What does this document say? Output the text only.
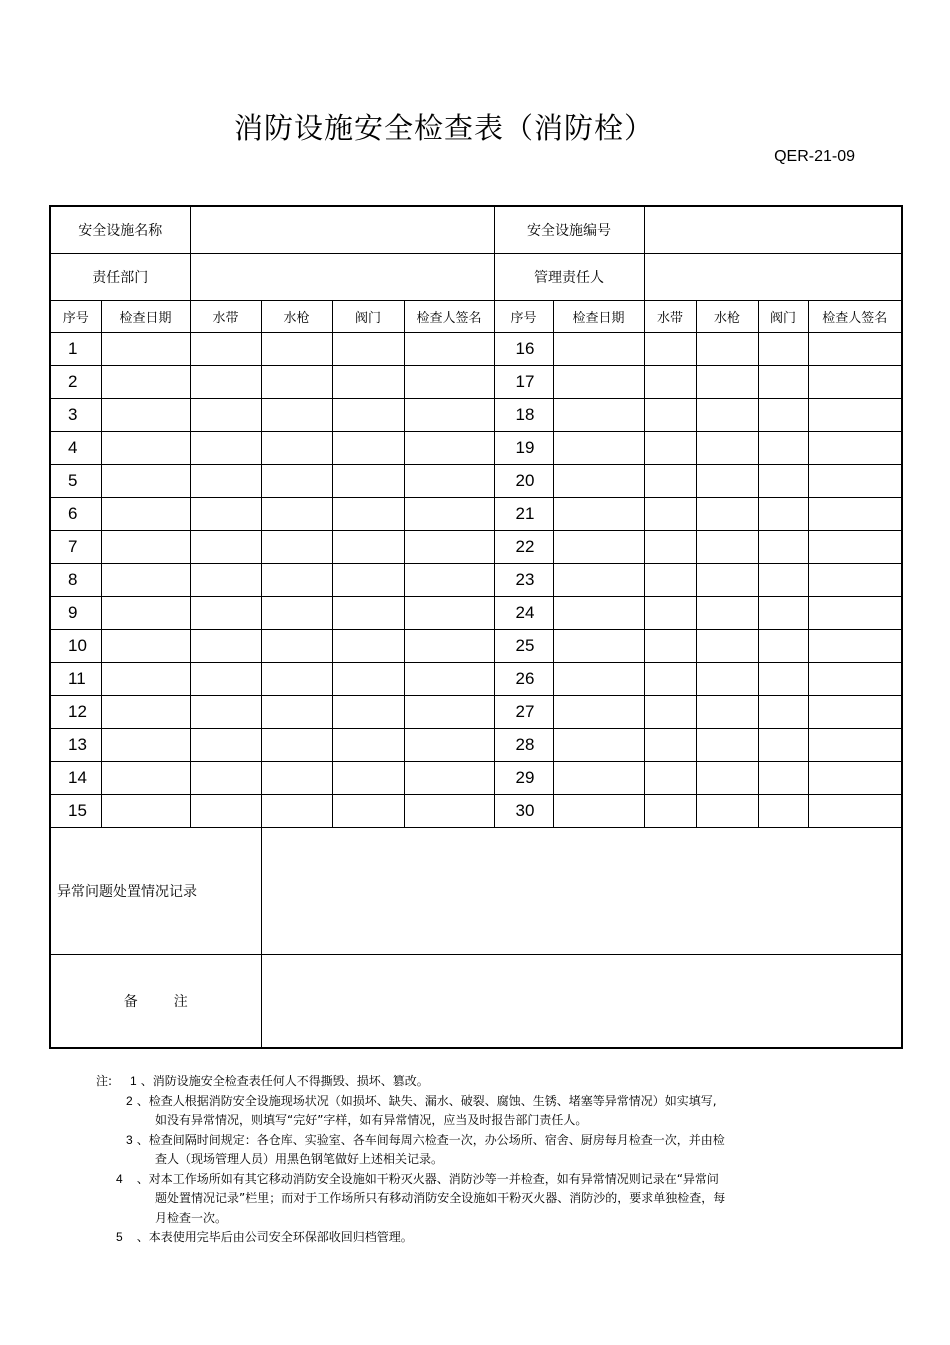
消防设施安全检查表（消防栓）
QER-21-09
安全设施名称						安全设施编号					
责任部门						管理责任人					
序号	检查日期	水带	水枪	阀门	检查人签名	序号	检查日期	水带	水枪	阀门	检查人签名
1						16					
2						17					
3						18					
4						19					
5						20					
6						21					
7						22					
8						23					
9						24					
10						25					
11						26					
12						27					
13						28					
14						29					
15						30					
异常问题处置情况记录											
备 注											
注: 1 、消防设施安全检查表任何人不得撕毁、损坏、篡改。
2 、检查人根据消防安全设施现场状况（如损坏、缺失、漏水、破裂、腐蚀、生锈、堵塞等异常情况）如实填写,
如没有异常情况，则填写“完好”字样，如有异常情况，应当及时报告部门责任人。
3 、检查间隔时间规定：各仓库、实验室、各车间每周六检查一次，办公场所、宿舍、厨房每月检查一次，并由检
查人（现场管理人员）用黑色钢笔做好上述相关记录。
4 、对本工作场所如有其它移动消防安全设施如干粉灭火器、消防沙等一并检查，如有异常情况则记录在“异常问
题处置情况记录”栏里；而对于工作场所只有移动消防安全设施如干粉灭火器、消防沙的，要求单独检查，每
月检查一次。
5 、本表使用完毕后由公司安全环保部收回归档管理。
